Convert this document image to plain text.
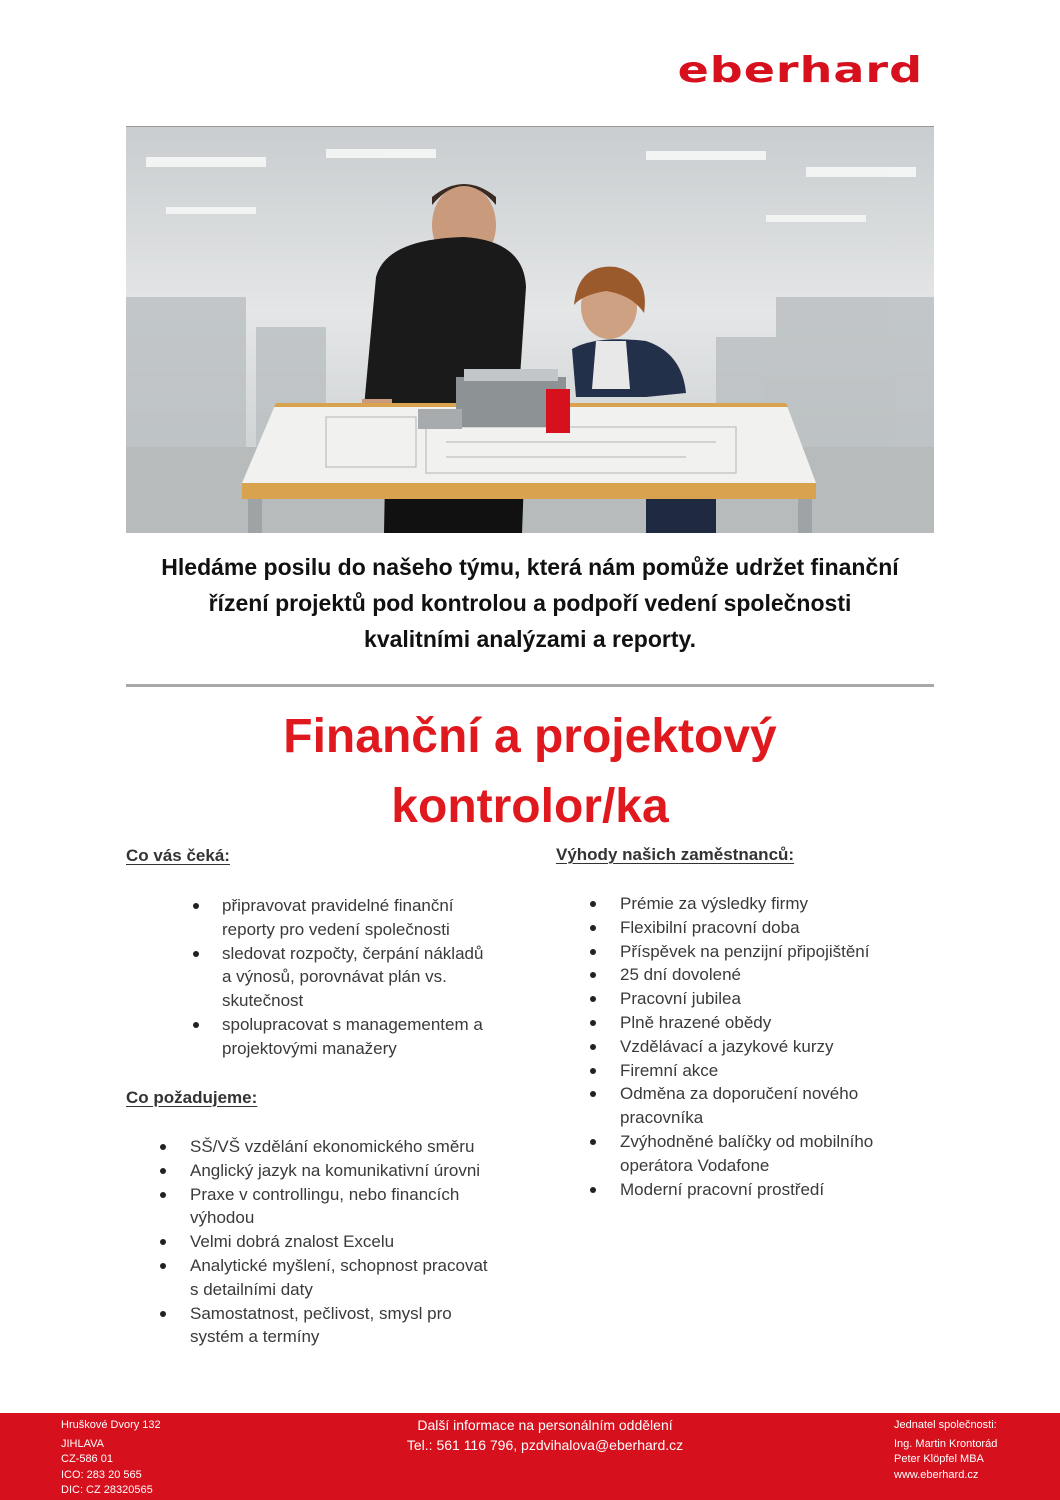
eberhard
Hledáme posilu do našeho týmu, která nám pomůže udržet finanční
řízení projektů pod kontrolou a podpoří vedení společnosti
kvalitními analýzami a reporty.
Finanční a projektový
kontrolor/ka
Co vás čeká:
připravovat pravidelné finanční
reporty pro vedení společnosti
sledovat rozpočty, čerpání nákladů
a výnosů, porovnávat plán vs.
skutečnost
spolupracovat s managementem a
projektovými manažery
Co požadujeme:
SŠ/VŠ vzdělání ekonomického směru
Anglický jazyk na komunikativní úrovni
Praxe v controllingu, nebo financích
výhodou
Velmi dobrá znalost Excelu
Analytické myšlení, schopnost pracovat
s detailními daty
Samostatnost, pečlivost, smysl pro
systém a termíny
Výhody našich zaměstnanců:
Prémie za výsledky firmy
Flexibilní pracovní doba
Příspěvek na penzijní připojištění
25 dní dovolené
Pracovní jubilea
Plně hrazené obědy
Vzdělávací a jazykové kurzy
Firemní akce
Odměna za doporučení nového
pracovníka
Zvýhodněné balíčky od mobilního
operátora Vodafone
Moderní pracovní prostředí
Hruškové Dvory 132
JIHLAVA
CZ-586 01
ICO: 283 20 565
DIC: CZ 28320565
Další informace na personálním oddělení
Tel.: 561 116 796, pzdvihalova@eberhard.cz
Jednatel společnosti:
Ing. Martin Krontorád
Peter Klöpfel MBA
www.eberhard.cz
